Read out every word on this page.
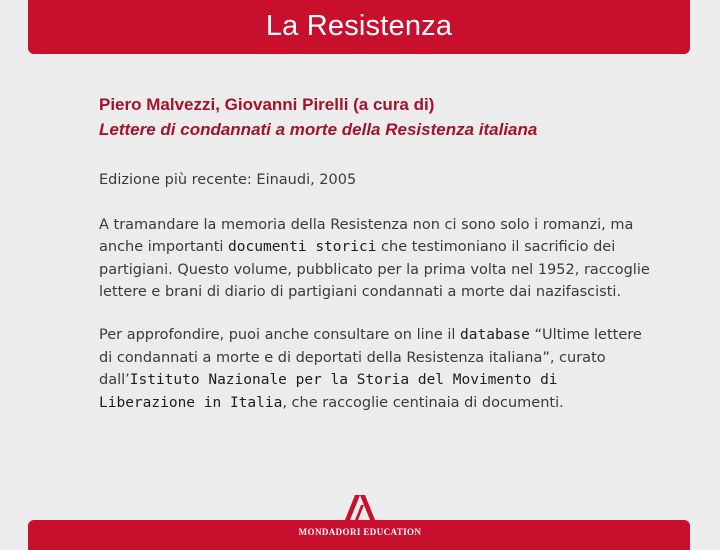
La Resistenza

Piero Malvezzi, Giovanni Pirelli (a cura di)

Lettere di condannati a morte della Resistenza italiana

Edizione più recente: Einaudi, 2005

A tramandare la memoria della Resistenza non ci sono solo i romanzi, ma anche importanti documenti storici che testimoniano il sacrificio dei partigiani. Questo volume, pubblicato per la prima volta nel 1952, raccoglie lettere e brani di diario di partigiani condannati a morte dai nazifascisti.

Per approfondire, puoi anche consultare on line il database “Ultime lettere di condannati a morte e di deportati della Resistenza italiana”, curato dall’Istituto Nazionale per la Storia del Movimento di Liberazione in Italia, che raccoglie centinaia di documenti.

MONDADORI EDUCATION
